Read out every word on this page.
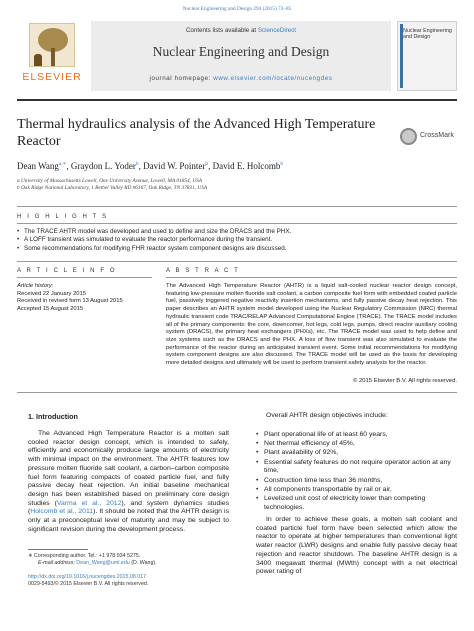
Nuclear Engineering and Design 294 (2015) 73–85
ELSEVIER
Contents lists available at ScienceDirect
Nuclear Engineering and Design
journal homepage: www.elsevier.com/locate/nucengdes
Nuclear Engineering and Design
Thermal hydraulics analysis of the Advanced High Temperature Reactor	CrossMark
Dean Wang$^{a,∗}$, Graydon L. Yoder$^b$, David W. Pointer$^b$, David E. Holcomb$^b$
a University of Massachusetts Lowell, One University Avenue, Lowell, MA 01854, USA
b Oak Ridge National Laboratory, 1 Bethel Valley RD #6167, Oak Ridge, TN 37831, USA
H I G H L I G H T S
• The TRACE AHTR model was developed and used to define and size the DRACS and the PHX.
• A LOFF transient was simulated to evaluate the reactor performance during the transient.
• Some recommendations for modifying FHR reactor system component designs are discussed.
A R T I C L E I N F O	A B S T R A C T
Article history:
Received 22 January 2015
Received in revised form 13 August 2015
Accepted 15 August 2015
The Advanced High Temperature Reactor (AHTR) is a liquid salt-cooled nuclear reactor design concept, featuring low-pressure molten fluoride salt coolant, a carbon composite fuel form with embedded coated particle fuel, passively triggered negative reactivity insertion mechanisms, and fully passive decay heat rejection. This paper describes an AHTR system model developed using the Nuclear Regulatory Commission (NRC) thermal hydraulic transient code TRAC/RELAP Advanced Computational Engine (TRACE). The TRACE model includes all of the primary components: the core, downcomer, hot legs, cold legs, pumps, direct reactor auxiliary cooling system (DRACS), the primary heat exchangers (PHXs), etc. The TRACE model was used to help define and size systems such as the DRACS and the PHX. A loss of flow transient was also simulated to evaluate the performance of the reactor during an anticipated transient event. Some initial recommendations for modifying system component designs are also discussed. The TRACE model will be used as the basis for developing more detailed designs and ultimately will be used to perform transient safety analysis for the reactor.
© 2015 Elsevier B.V. All rights reserved.
1. Introduction
The Advanced High Temperature Reactor is a molten salt cooled reactor design concept, which is intended to safely, efficiently and economically produce large amounts of electricity with minimal impact on the environment. The AHTR features low pressure molten fluoride salt coolant, a carbon–carbon composite fuel form featuring compacts of coated particle fuel, and fully passive decay heat rejection. An initial baseline mechanical design has been established based on preliminary core design studies (Varma et al., 2012), and system dynamics studies (Holcomb et al., 2011). It should be noted that the AHTR design is only at a preconceptual level of maturity and may be subject to significant revision during the development process.
Overall AHTR design objectives include:
• Plant operational life of at least 60 years,
• Net thermal efficiency of 45%,
• Plant availability of 92%,
• Essential safety features do not require operator action at any time,
• Construction time less than 36 months,
• All components transportable by rail or air,
• Levelized unit cost of electricity lower than competing technologies.
In order to achieve these goals, a molten salt coolant and coated particle fuel form have been selected which allow the reactor to operate at higher temperatures than conventional light water reactor (LWR) designs and enable fully passive decay heat rejection and reactor shutdown. The baseline AHTR design is a 3400 megawatt thermal (MWth) concept with a net electrical power rating of
∗ Corresponding author. Tel.: +1 978 934 5275.
E-mail address: Dean_Wang@uml.edu (D. Wang).
http://dx.doi.org/10.1016/j.nucengdes.2015.08.017
0029-5493/© 2015 Elsevier B.V. All rights reserved.
